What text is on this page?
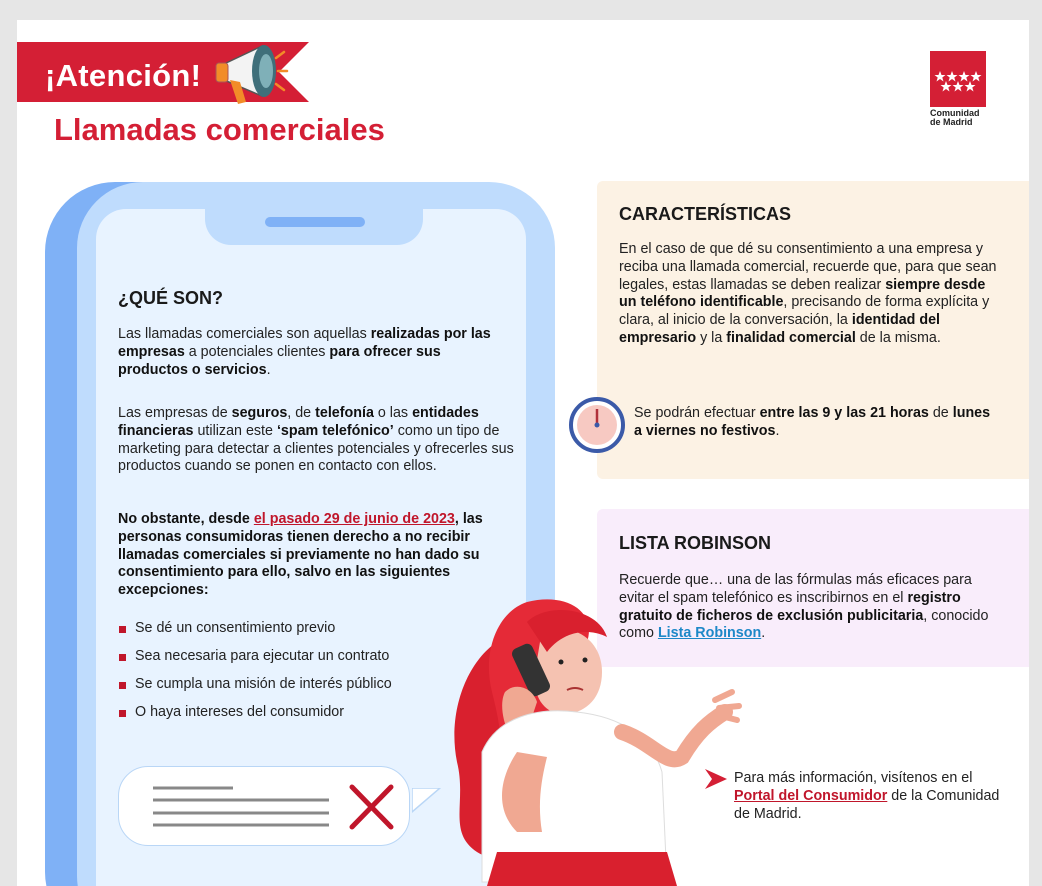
¡Atención!
Llamadas comerciales	Comunidad
de Madrid
¿QUÉ SON?
Las llamadas comerciales son aquellas realizadas por las empresas a potenciales clientes para ofrecer sus productos o servicios.
Las empresas de seguros, de telefonía o las entidades financieras utilizan este ‘spam telefónico’ como un tipo de marketing para detectar a clientes potenciales y ofrecerles sus productos cuando se ponen en contacto con ellos.
No obstante, desde el pasado 29 de junio de 2023, las personas consumidoras tienen derecho a no recibir llamadas comerciales si previamente no han dado su consentimiento para ello, salvo en las siguientes excepciones:
Se dé un consentimiento previo
Sea necesaria para ejecutar un contrato
Se cumpla una misión de interés público
O haya intereses del consumidor
CARACTERÍSTICAS
En el caso de que dé su consentimiento a una empresa y reciba una llamada comercial, recuerde que, para que sean legales, estas llamadas se deben realizar siempre desde un teléfono identificable, precisando de forma explícita y clara, al inicio de la conversación, la identidad del empresario y la finalidad comercial de la misma.
Se podrán efectuar entre las 9 y las 21 horas de lunes a viernes no festivos.
LISTA ROBINSON
Recuerde que… una de las fórmulas más eficaces para evitar el spam telefónico es inscribirnos en el registro gratuito de ficheros de exclusión publicitaria, conocido como Lista Robinson.
Para más información, visítenos en el Portal del Consumidor de la Comunidad de Madrid.
